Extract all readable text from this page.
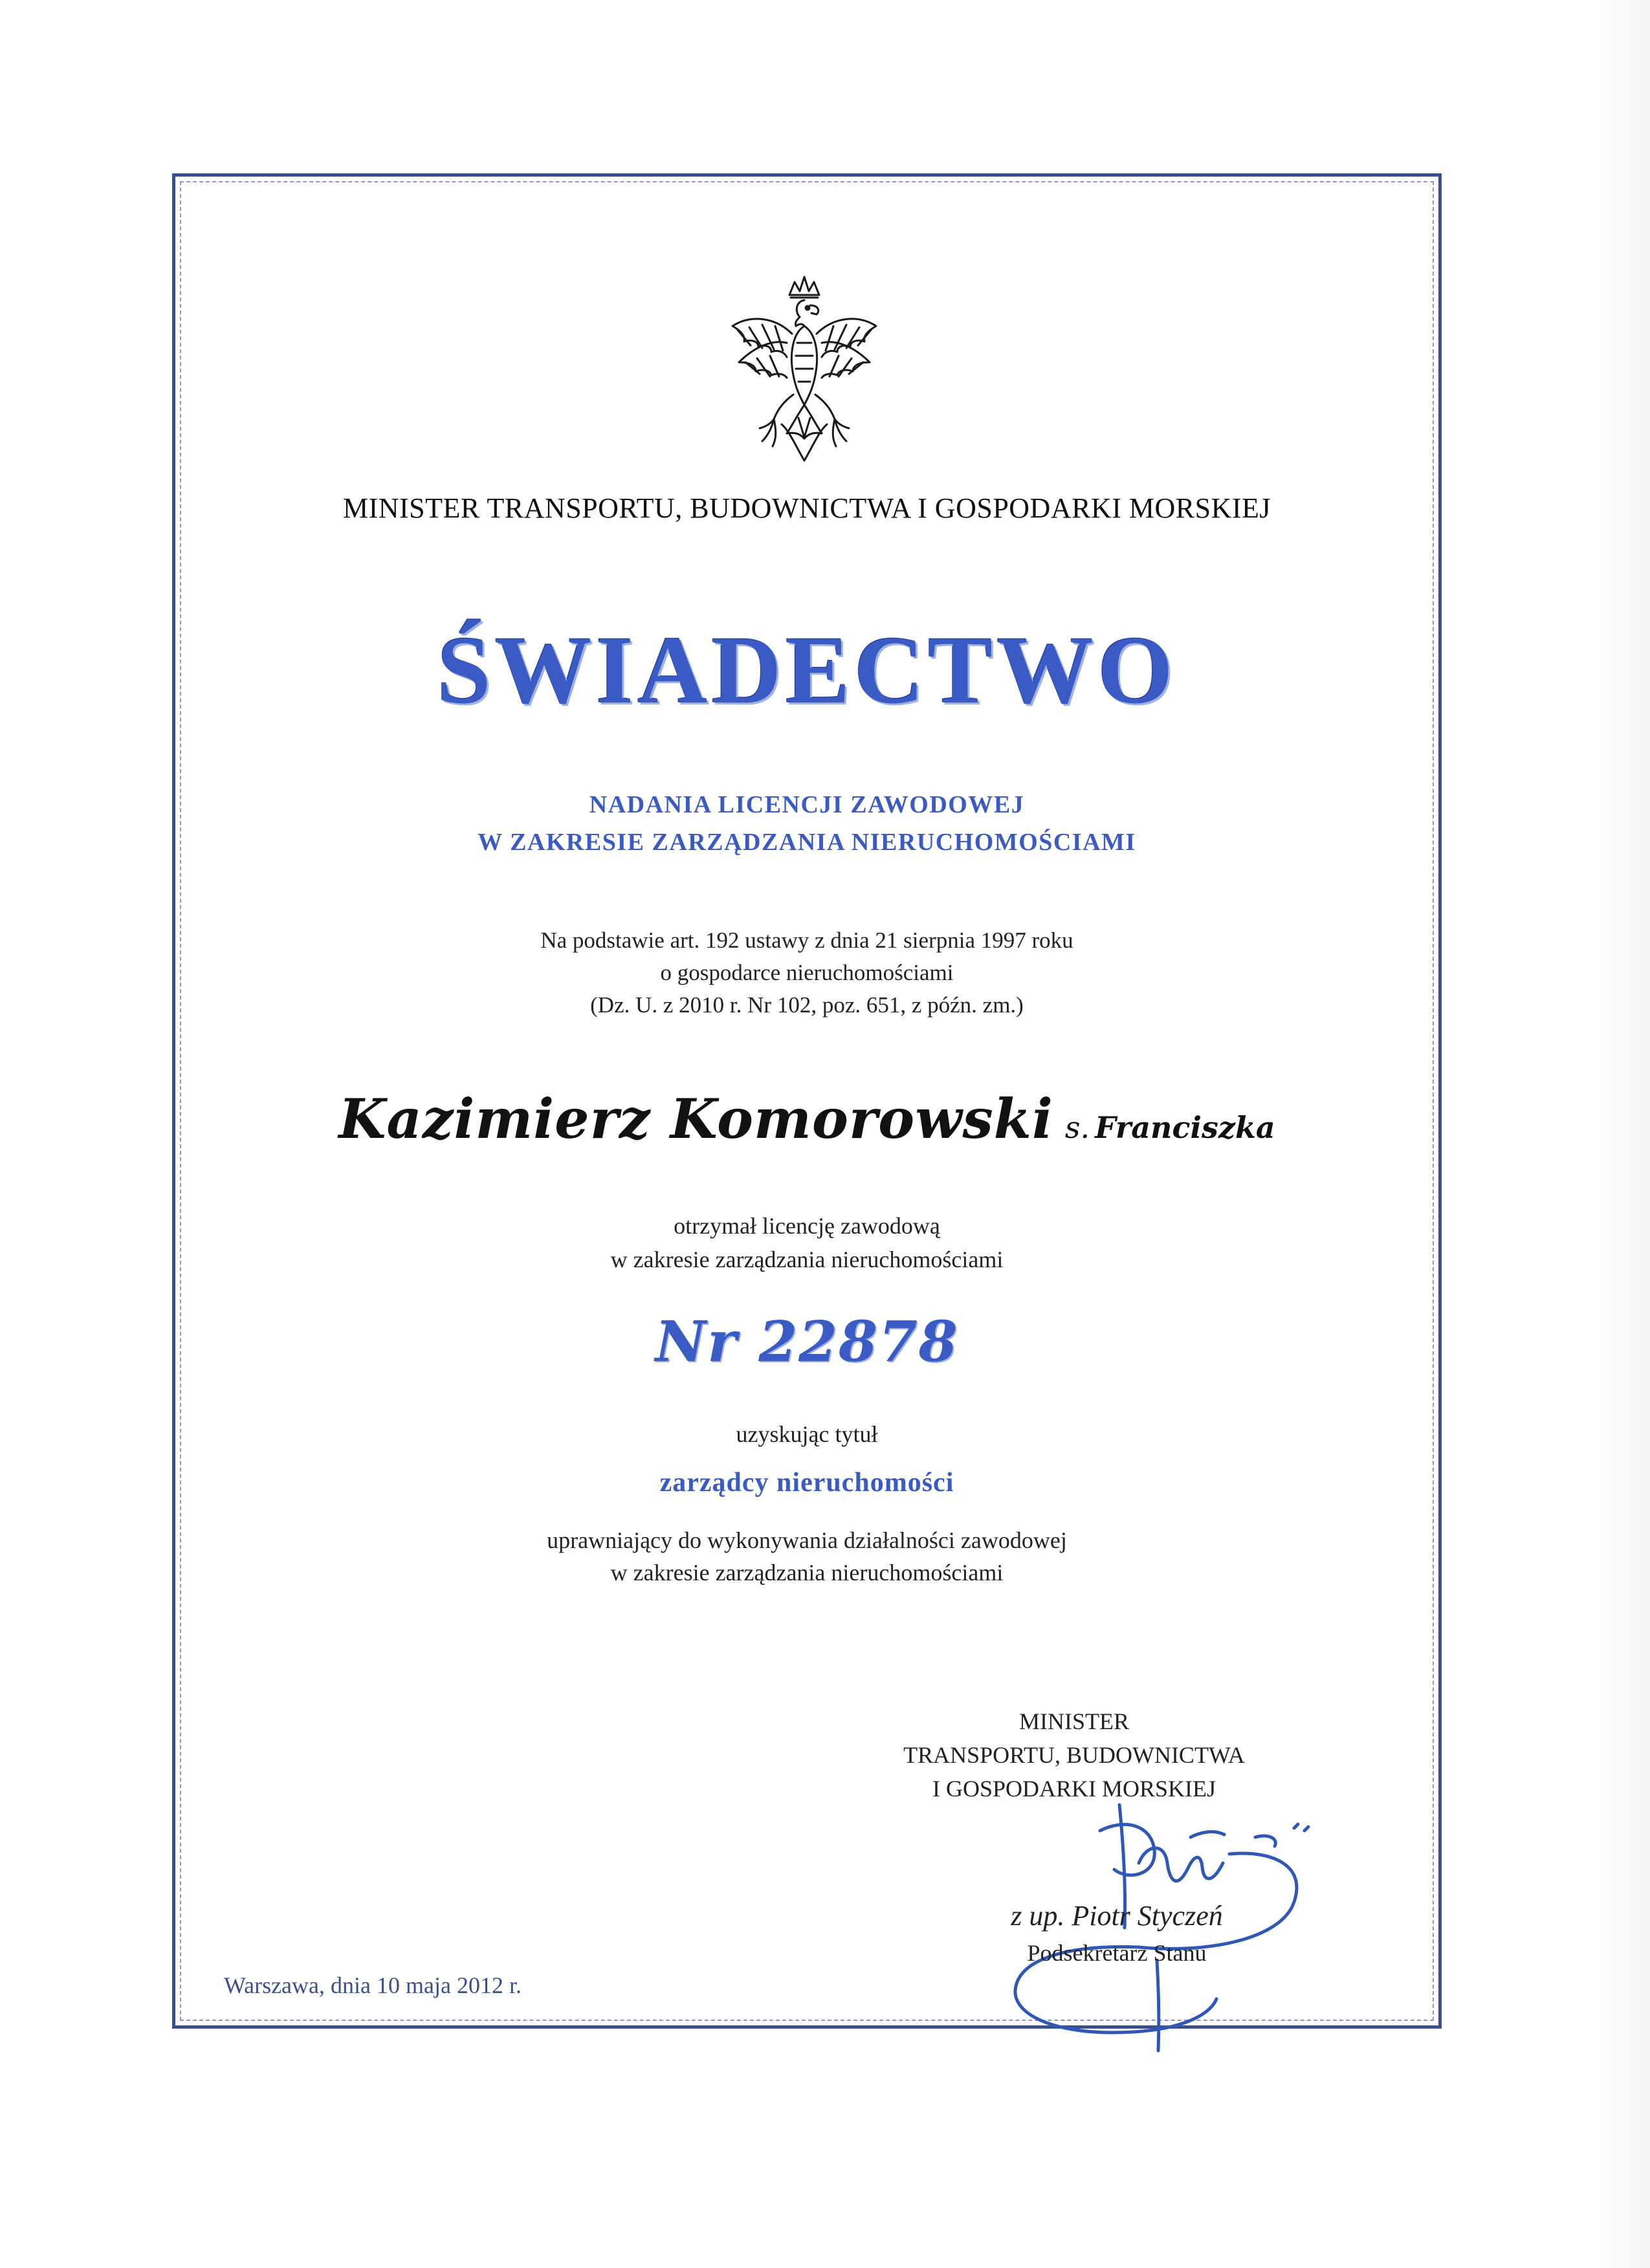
MINISTER TRANSPORTU, BUDOWNICTWA I GOSPODARKI MORSKIEJ
ŚWIADECTWO
NADANIA LICENCJI ZAWODOWEJ
W ZAKRESIE ZARZĄDZANIA NIERUCHOMOŚCIAMI
Na podstawie art. 192 ustawy z dnia 21 sierpnia 1997 roku
o gospodarce nieruchomościami
(Dz. U. z 2010 r. Nr 102, poz. 651, z późn. zm.)
Kazimierz Komorowski s. Franciszka
otrzymał licencję zawodową
w zakresie zarządzania nieruchomościami
Nr 22878
uzyskując tytuł
zarządcy nieruchomości
uprawniający do wykonywania działalności zawodowej
w zakresie zarządzania nieruchomościami
MINISTER
TRANSPORTU, BUDOWNICTWA
I GOSPODARKI MORSKIEJ
z up. Piotr Styczeń
Podsekretarz Stanu
Warszawa, dnia 10 maja 2012 r.
